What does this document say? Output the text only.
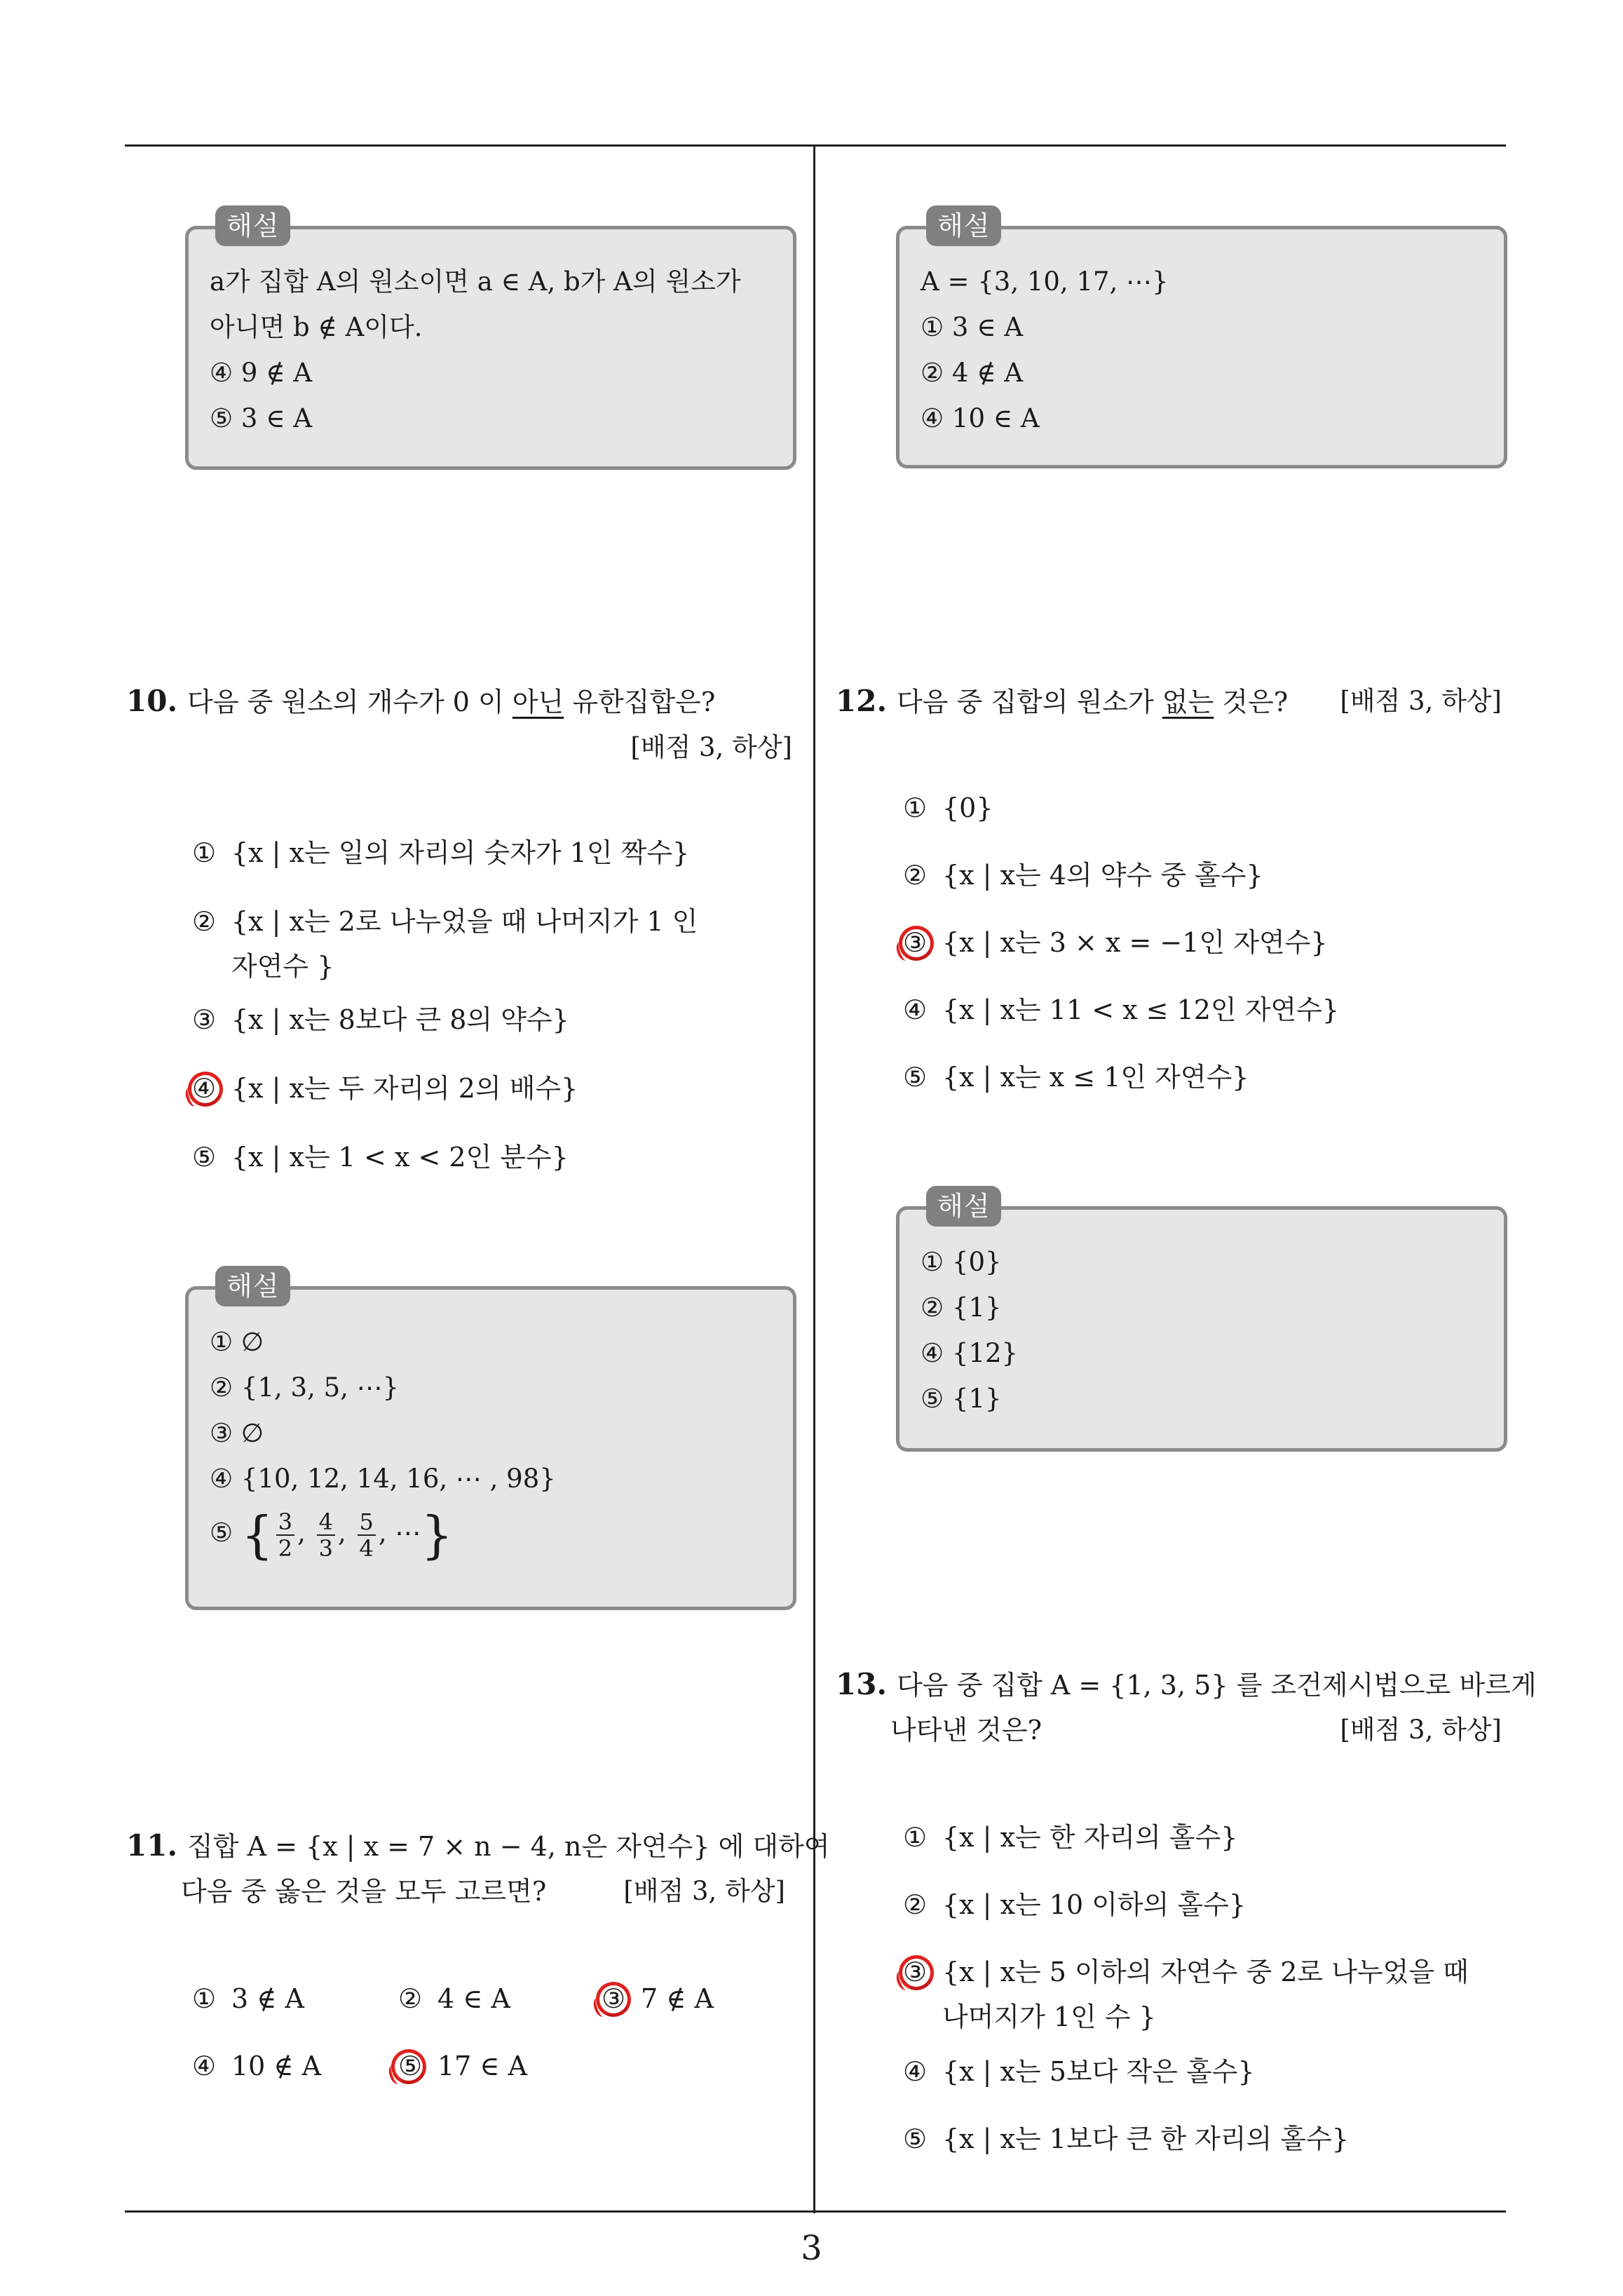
해설
a가 집합 A의 원소이면 a ∈ A, b가 A의 원소가
아니면 b ∉ A이다.
④ 9 ∉ A
⑤ 3 ∈ A
해설
A = {3, 10, 17, ⋯}
① 3 ∈ A
② 4 ∉ A
④ 10 ∈ A
10. 다음 중 원소의 개수가 0 이 아닌 유한집합은?
[배점 3, 하상]
① {x | x는 일의 자리의 숫자가 1인 짝수}
② {x | x는 2로 나누었을 때 나머지가 1 인
자연수 }
③ {x | x는 8보다 큰 8의 약수}
④ {x | x는 두 자리의 2의 배수}
⑤ {x | x는 1 < x < 2인 분수}
해설
① ∅
② {1, 3, 5, ⋯}
③ ∅
④ {10, 12, 14, 16, ⋯ , 98}
⑤ { $\frac{3}{2}$ , $\frac{4}{3}$ , $\frac{5}{4}$ , ⋯}
11. 집합 A = {x | x = 7 × n − 4, n은 자연수} 에 대하여
다음 중 옳은 것을 모두 고르면?	[배점 3, 하상]
① 3 ∉ A	② 4 ∈ A	③ 7 ∉ A
④ 10 ∉ A	⑤ 17 ∈ A
12. 다음 중 집합의 원소가 없는 것은? [배점 3, 하상]
① {0}
② {x | x는 4의 약수 중 홀수}
③ {x | x는 3 × x = −1인 자연수}
④ {x | x는 11 < x ≤ 12인 자연수}
⑤ {x | x는 x ≤ 1인 자연수}
해설
① {0}
② {1}
④ {12}
⑤ {1}
13. 다음 중 집합 A = {1, 3, 5} 를 조건제시법으로 바르게
나타낸 것은?	[배점 3, 하상]
① {x | x는 한 자리의 홀수}
② {x | x는 10 이하의 홀수}
③ {x | x는 5 이하의 자연수 중 2로 나누었을 때
나머지가 1인 수 }
④ {x | x는 5보다 작은 홀수}
⑤ {x | x는 1보다 큰 한 자리의 홀수}
3
